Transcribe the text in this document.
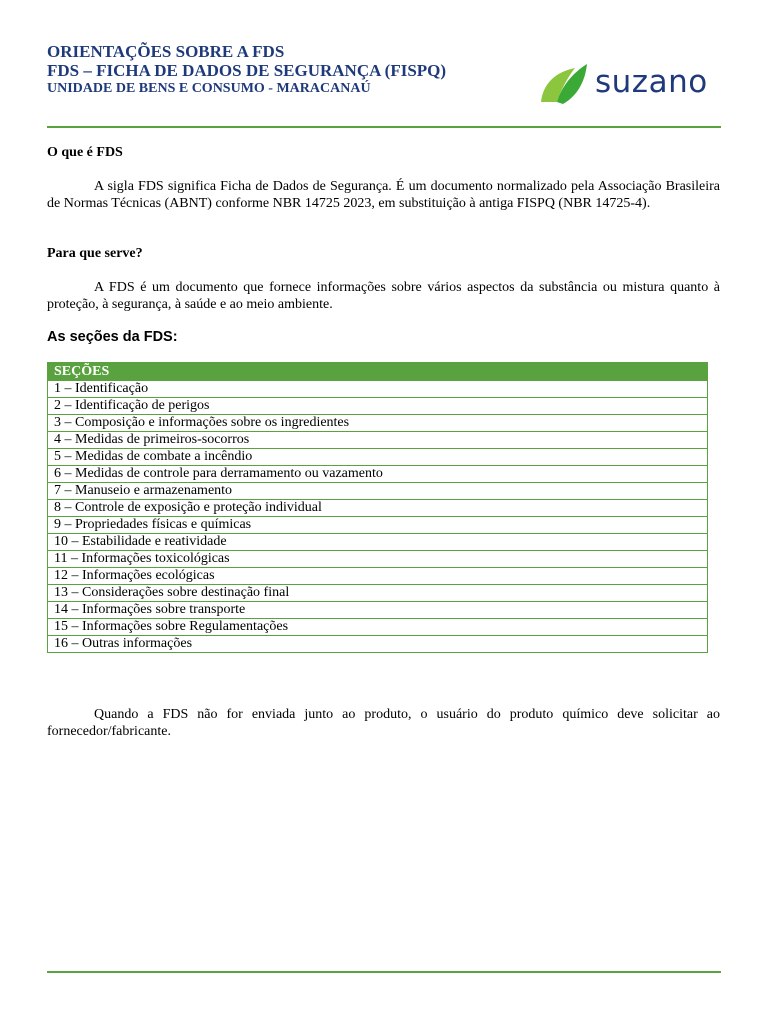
ORIENTAÇÕES SOBRE A FDS
FDS – FICHA DE DADOS DE SEGURANÇA (FISPQ)
UNIDADE DE BENS E CONSUMO - MARACANAÚ	suzano
O que é FDS
A sigla FDS significa Ficha de Dados de Segurança. É um documento normalizado pela Associação Brasileira de Normas Técnicas (ABNT) conforme NBR 14725 2023, em substituição à antiga FISPQ (NBR 14725-4).
Para que serve?
A FDS é um documento que fornece informações sobre vários aspectos da substância ou mistura quanto à proteção, à segurança, à saúde e ao meio ambiente.
As seções da FDS:
SEÇÕES
1 – Identificação
2 – Identificação de perigos
3 – Composição e informações sobre os ingredientes
4 – Medidas de primeiros-socorros
5 – Medidas de combate a incêndio
6 – Medidas de controle para derramamento ou vazamento
7 – Manuseio e armazenamento
8 – Controle de exposição e proteção individual
9 – Propriedades físicas e químicas
10 – Estabilidade e reatividade
11 – Informações toxicológicas
12 – Informações ecológicas
13 – Considerações sobre destinação final
14 – Informações sobre transporte
15 – Informações sobre Regulamentações
16 – Outras informações
Quando a FDS não for enviada junto ao produto, o usuário do produto químico deve solicitar ao fornecedor/fabricante.
